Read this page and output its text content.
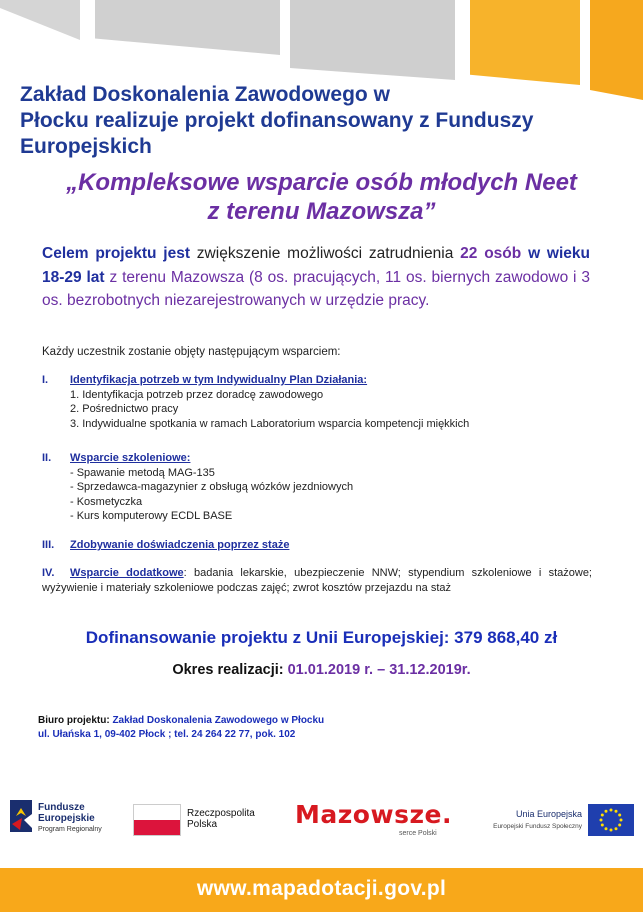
Zakład Doskonalenia Zawodowego w
Płocku realizuje projekt dofinansowany z Funduszy
Europejskich
„Kompleksowe wsparcie osób młodych Neet
z terenu Mazowsza”
Celem projektu jest zwiększenie możliwości zatrudnienia 22 osób w wieku 18-29 lat z terenu Mazowsza (8 os. pracujących, 11 os. biernych zawodowo i 3 os. bezrobotnych niezarejestrowanych w urzędzie pracy.
Każdy uczestnik zostanie objęty następującym wsparciem:
I. Identyfikacja potrzeb w tym Indywidualny Plan Działania:
1. Identyfikacja potrzeb przez doradcę zawodowego
2. Pośrednictwo pracy
3. Indywidualne spotkania w ramach Laboratorium wsparcia kompetencji miękkich
II. Wsparcie szkoleniowe:
- Spawanie metodą MAG-135
- Sprzedawca-magazynier z obsługą wózków jezdniowych
- Kosmetyczka
- Kurs komputerowy ECDL BASE
III. Zdobywanie doświadczenia poprzez staże
IV. Wsparcie dodatkowe: badania lekarskie, ubezpieczenie NNW; stypendium szkoleniowe i stażowe; wyżywienie i materiały szkoleniowe podczas zajęć; zwrot kosztów przejazdu na staż
Dofinansowanie projektu z Unii Europejskiej: 379 868,40 zł
Okres realizacji: 01.01.2019 r. – 31.12.2019r.
Biuro projektu: Zakład Doskonalenia Zawodowego w Płocku
ul. Ułańska 1, 09-402 Płock ; tel. 24 264 22 77, pok. 102
Fundusze
Europejskie
Program Regionalny
Rzeczpospolita
Polska	Mazowsze.
serce Polski
Unia Europejska
Europejski Fundusz Społeczny
www.mapadotacji.gov.pl
